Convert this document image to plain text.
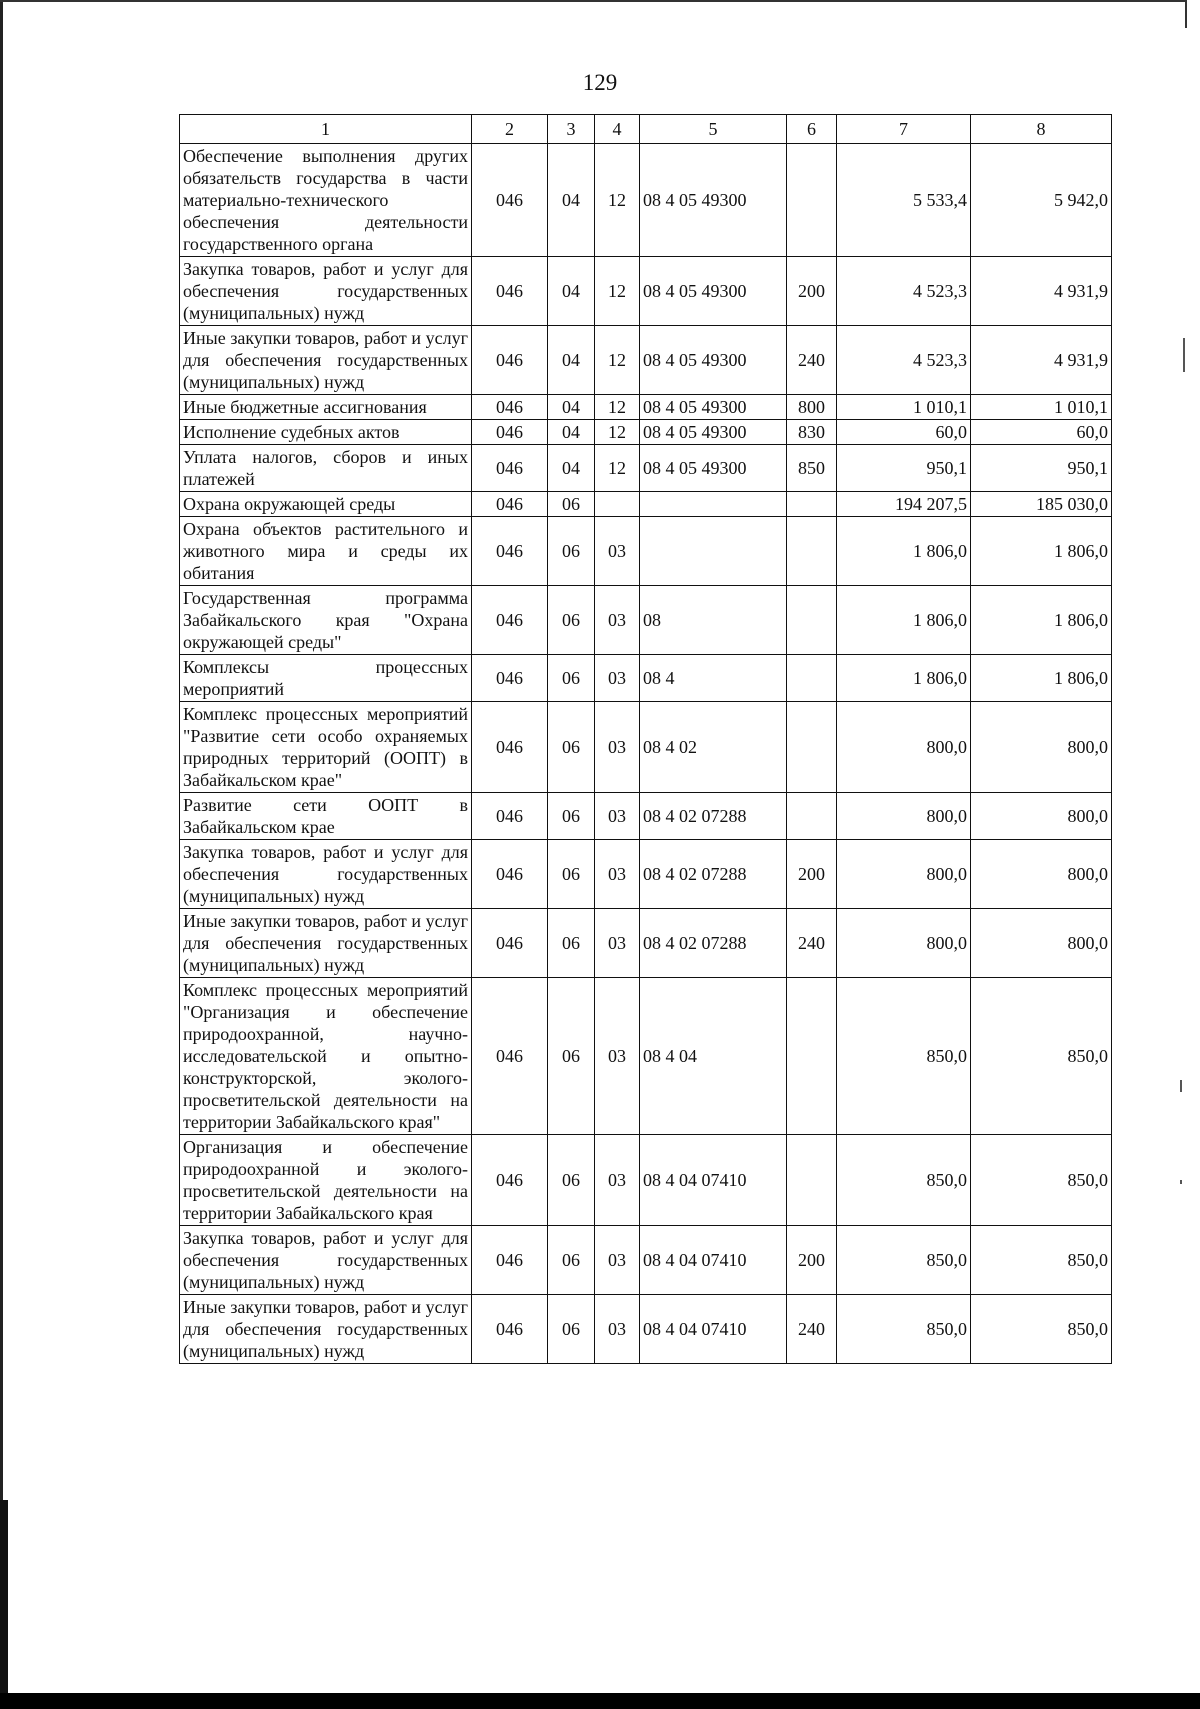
129
1	2	3	4	5	6	7	8
Обеспечение выполнения других обязательств государства в части материально-технического обеспечения деятельности государственного органа	046	04	12	08 4 05 49300		5 533,4	5 942,0
Закупка товаров, работ и услуг для обеспечения государственных (муниципальных) нужд	046	04	12	08 4 05 49300	200	4 523,3	4 931,9
Иные закупки товаров, работ и услуг для обеспечения государственных (муниципальных) нужд	046	04	12	08 4 05 49300	240	4 523,3	4 931,9
Иные бюджетные ассигнования	046	04	12	08 4 05 49300	800	1 010,1	1 010,1
Исполнение судебных актов	046	04	12	08 4 05 49300	830	60,0	60,0
Уплата налогов, сборов и иных платежей	046	04	12	08 4 05 49300	850	950,1	950,1
Охрана окружающей среды	046	06				194 207,5	185 030,0
Охрана объектов растительного и животного мира и среды их обитания	046	06	03			1 806,0	1 806,0
Государственная программа Забайкальского края "Охрана окружающей среды"	046	06	03	08		1 806,0	1 806,0
Комплексы процессных мероприятий	046	06	03	08 4		1 806,0	1 806,0
Комплекс процессных мероприятий "Развитие сети особо охраняемых природных территорий (ООПТ) в Забайкальском крае"	046	06	03	08 4 02		800,0	800,0
Развитие сети ООПТ в Забайкальском крае	046	06	03	08 4 02 07288		800,0	800,0
Закупка товаров, работ и услуг для обеспечения государственных (муниципальных) нужд	046	06	03	08 4 02 07288	200	800,0	800,0
Иные закупки товаров, работ и услуг для обеспечения государственных (муниципальных) нужд	046	06	03	08 4 02 07288	240	800,0	800,0
Комплекс процессных мероприятий "Организация и обеспечение природоохранной, научно-исследовательской и опытно-конструкторской, эколого-просветительской деятельности на территории Забайкальского края"	046	06	03	08 4 04		850,0	850,0
Организация и обеспечение природоохранной и эколого-просветительской деятельности на территории Забайкальского края	046	06	03	08 4 04 07410		850,0	850,0
Закупка товаров, работ и услуг для обеспечения государственных (муниципальных) нужд	046	06	03	08 4 04 07410	200	850,0	850,0
Иные закупки товаров, работ и услуг для обеспечения государственных (муниципальных) нужд	046	06	03	08 4 04 07410	240	850,0	850,0
